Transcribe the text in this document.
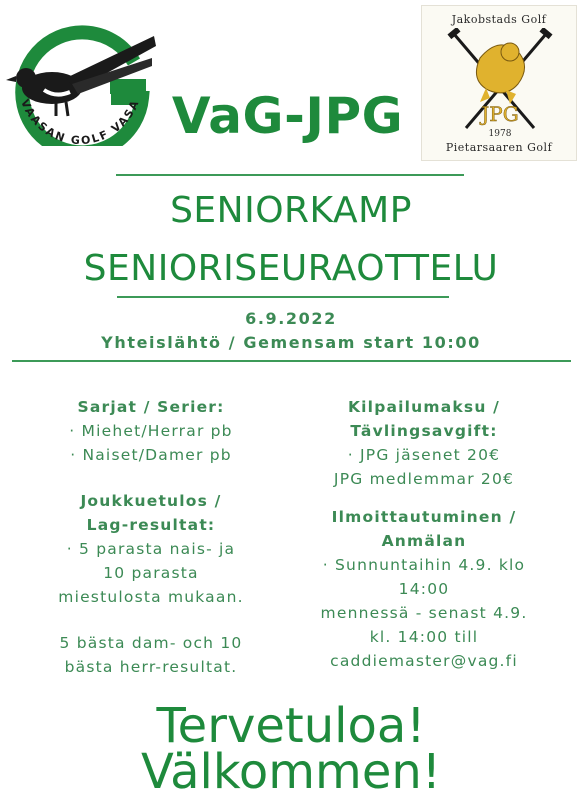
VAASAN GOLF VASA VaG-JPG
Jakobstads Golf
JPG
1978
Pietarsaaren Golf
SENIORKAMP
SENIORISEURAOTTELU
6.9.2022
Yhteislähtö / Gemensam start 10:00
Sarjat / Serier:
· Miehet/Herrar pb
· Naiset/Damer pb
Joukkuetulos /
Lag-resultat:
· 5 parasta nais- ja
10 parasta
miestulosta mukaan.
5 bästa dam- och 10
bästa herr-resultat.
Kilpailumaksu /
Tävlingsavgift:
· JPG jäsenet 20€
JPG medlemmar 20€
Ilmoittautuminen /
Anmälan
· Sunnuntaihin 4.9. klo
14:00
mennessä - senast 4.9.
kl. 14:00 till
caddiemaster@vag.fi
Tervetuloa!
Välkommen!
